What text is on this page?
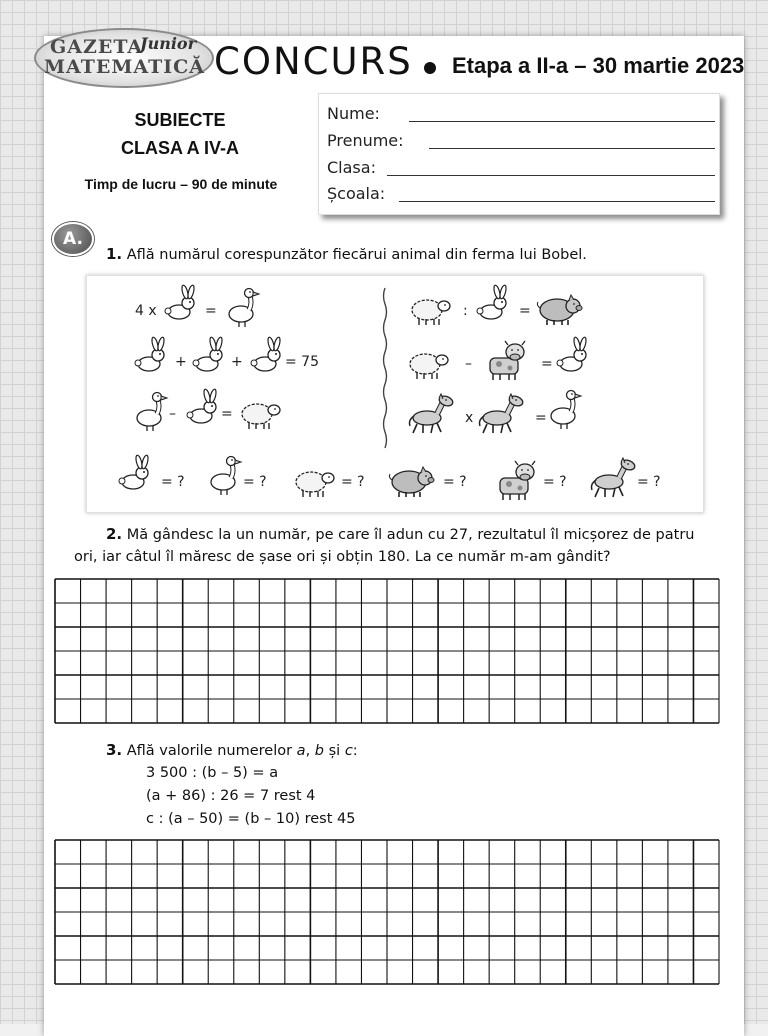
GAZETA
Junior
MATEMATICĂ CONCURS Etapa a II-a – 30 martie 2023
SUBIECTE
CLASA A IV-A
Timp de lucru – 90 de minute
Nume:
Prenume:
Clasa:
Școala:
A.
1. Află numărul corespunzător fiecărui animal din ferma lui Bobel.
4 x	=
+	+	= 75
–	=
:	=
–	=
x	=
= ?	= ?	= ?	= ?	= ?	= ?
2. Mă gândesc la un număr, pe care îl adun cu 27, rezultatul îl micșorez de patru
ori, iar câtul îl măresc de șase ori și obțin 180. La ce număr m-am gândit?
3. Află valorile numerelor a, b și c:
3 500 : (b – 5) = a
(a + 86) : 26 = 7 rest 4
c : (a – 50) = (b – 10) rest 45
